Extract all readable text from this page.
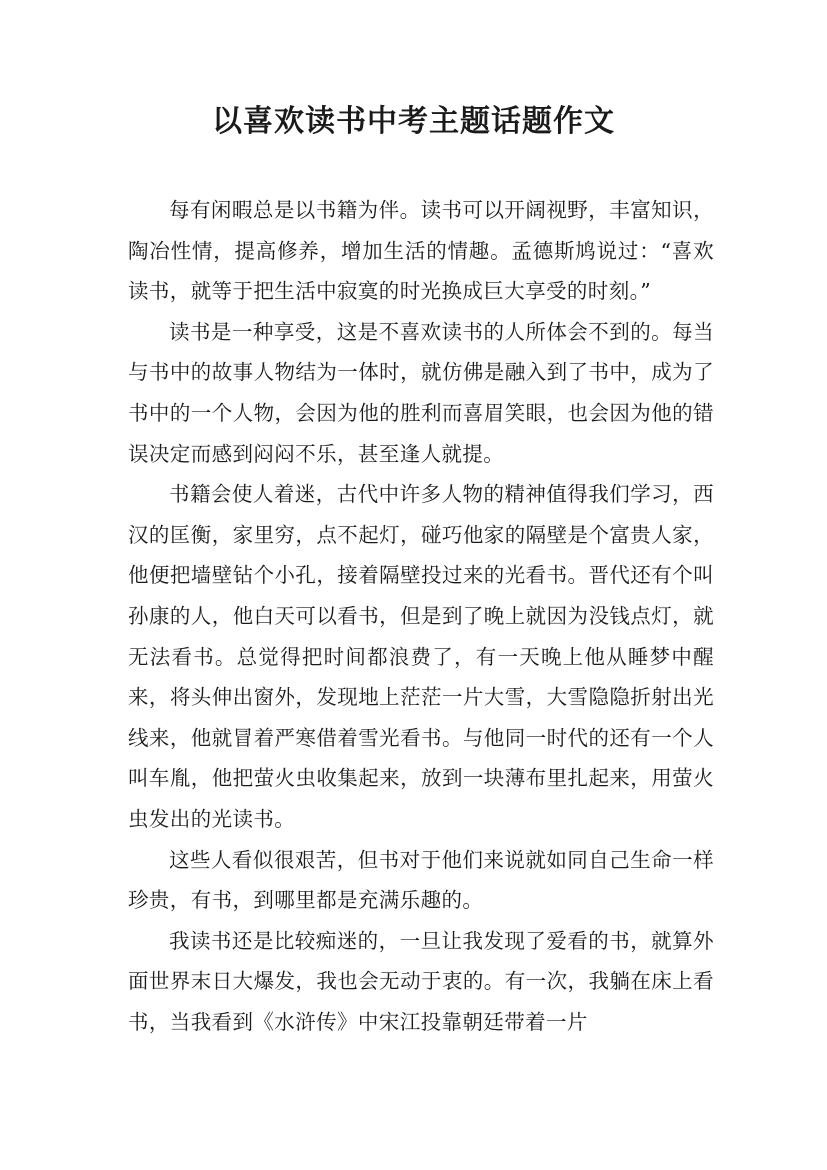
以喜欢读书中考主题话题作文

每有闲暇总是以书籍为伴。读书可以开阔视野，丰富知识，陶冶性情，提高修养，增加生活的情趣。孟德斯鸠说过：“喜欢读书，就等于把生活中寂寞的时光换成巨大享受的时刻。”

读书是一种享受，这是不喜欢读书的人所体会不到的。每当与书中的故事人物结为一体时，就仿佛是融入到了书中，成为了书中的一个人物，会因为他的胜利而喜眉笑眼，也会因为他的错误决定而感到闷闷不乐，甚至逢人就提。

书籍会使人着迷，古代中许多人物的精神值得我们学习，西汉的匡衡，家里穷，点不起灯，碰巧他家的隔壁是个富贵人家，他便把墙壁钻个小孔，接着隔壁投过来的光看书。晋代还有个叫孙康的人，他白天可以看书，但是到了晚上就因为没钱点灯，就无法看书。总觉得把时间都浪费了，有一天晚上他从睡梦中醒来，将头伸出窗外，发现地上茫茫一片大雪，大雪隐隐折射出光线来，他就冒着严寒借着雪光看书。与他同一时代的还有一个人叫车胤，他把萤火虫收集起来，放到一块薄布里扎起来，用萤火虫发出的光读书。

这些人看似很艰苦，但书对于他们来说就如同自己生命一样珍贵，有书，到哪里都是充满乐趣的。

我读书还是比较痴迷的，一旦让我发现了爱看的书，就算外面世界末日大爆发，我也会无动于衷的。有一次，我躺在床上看书，当我看到《水浒传》中宋江投靠朝廷带着一片
